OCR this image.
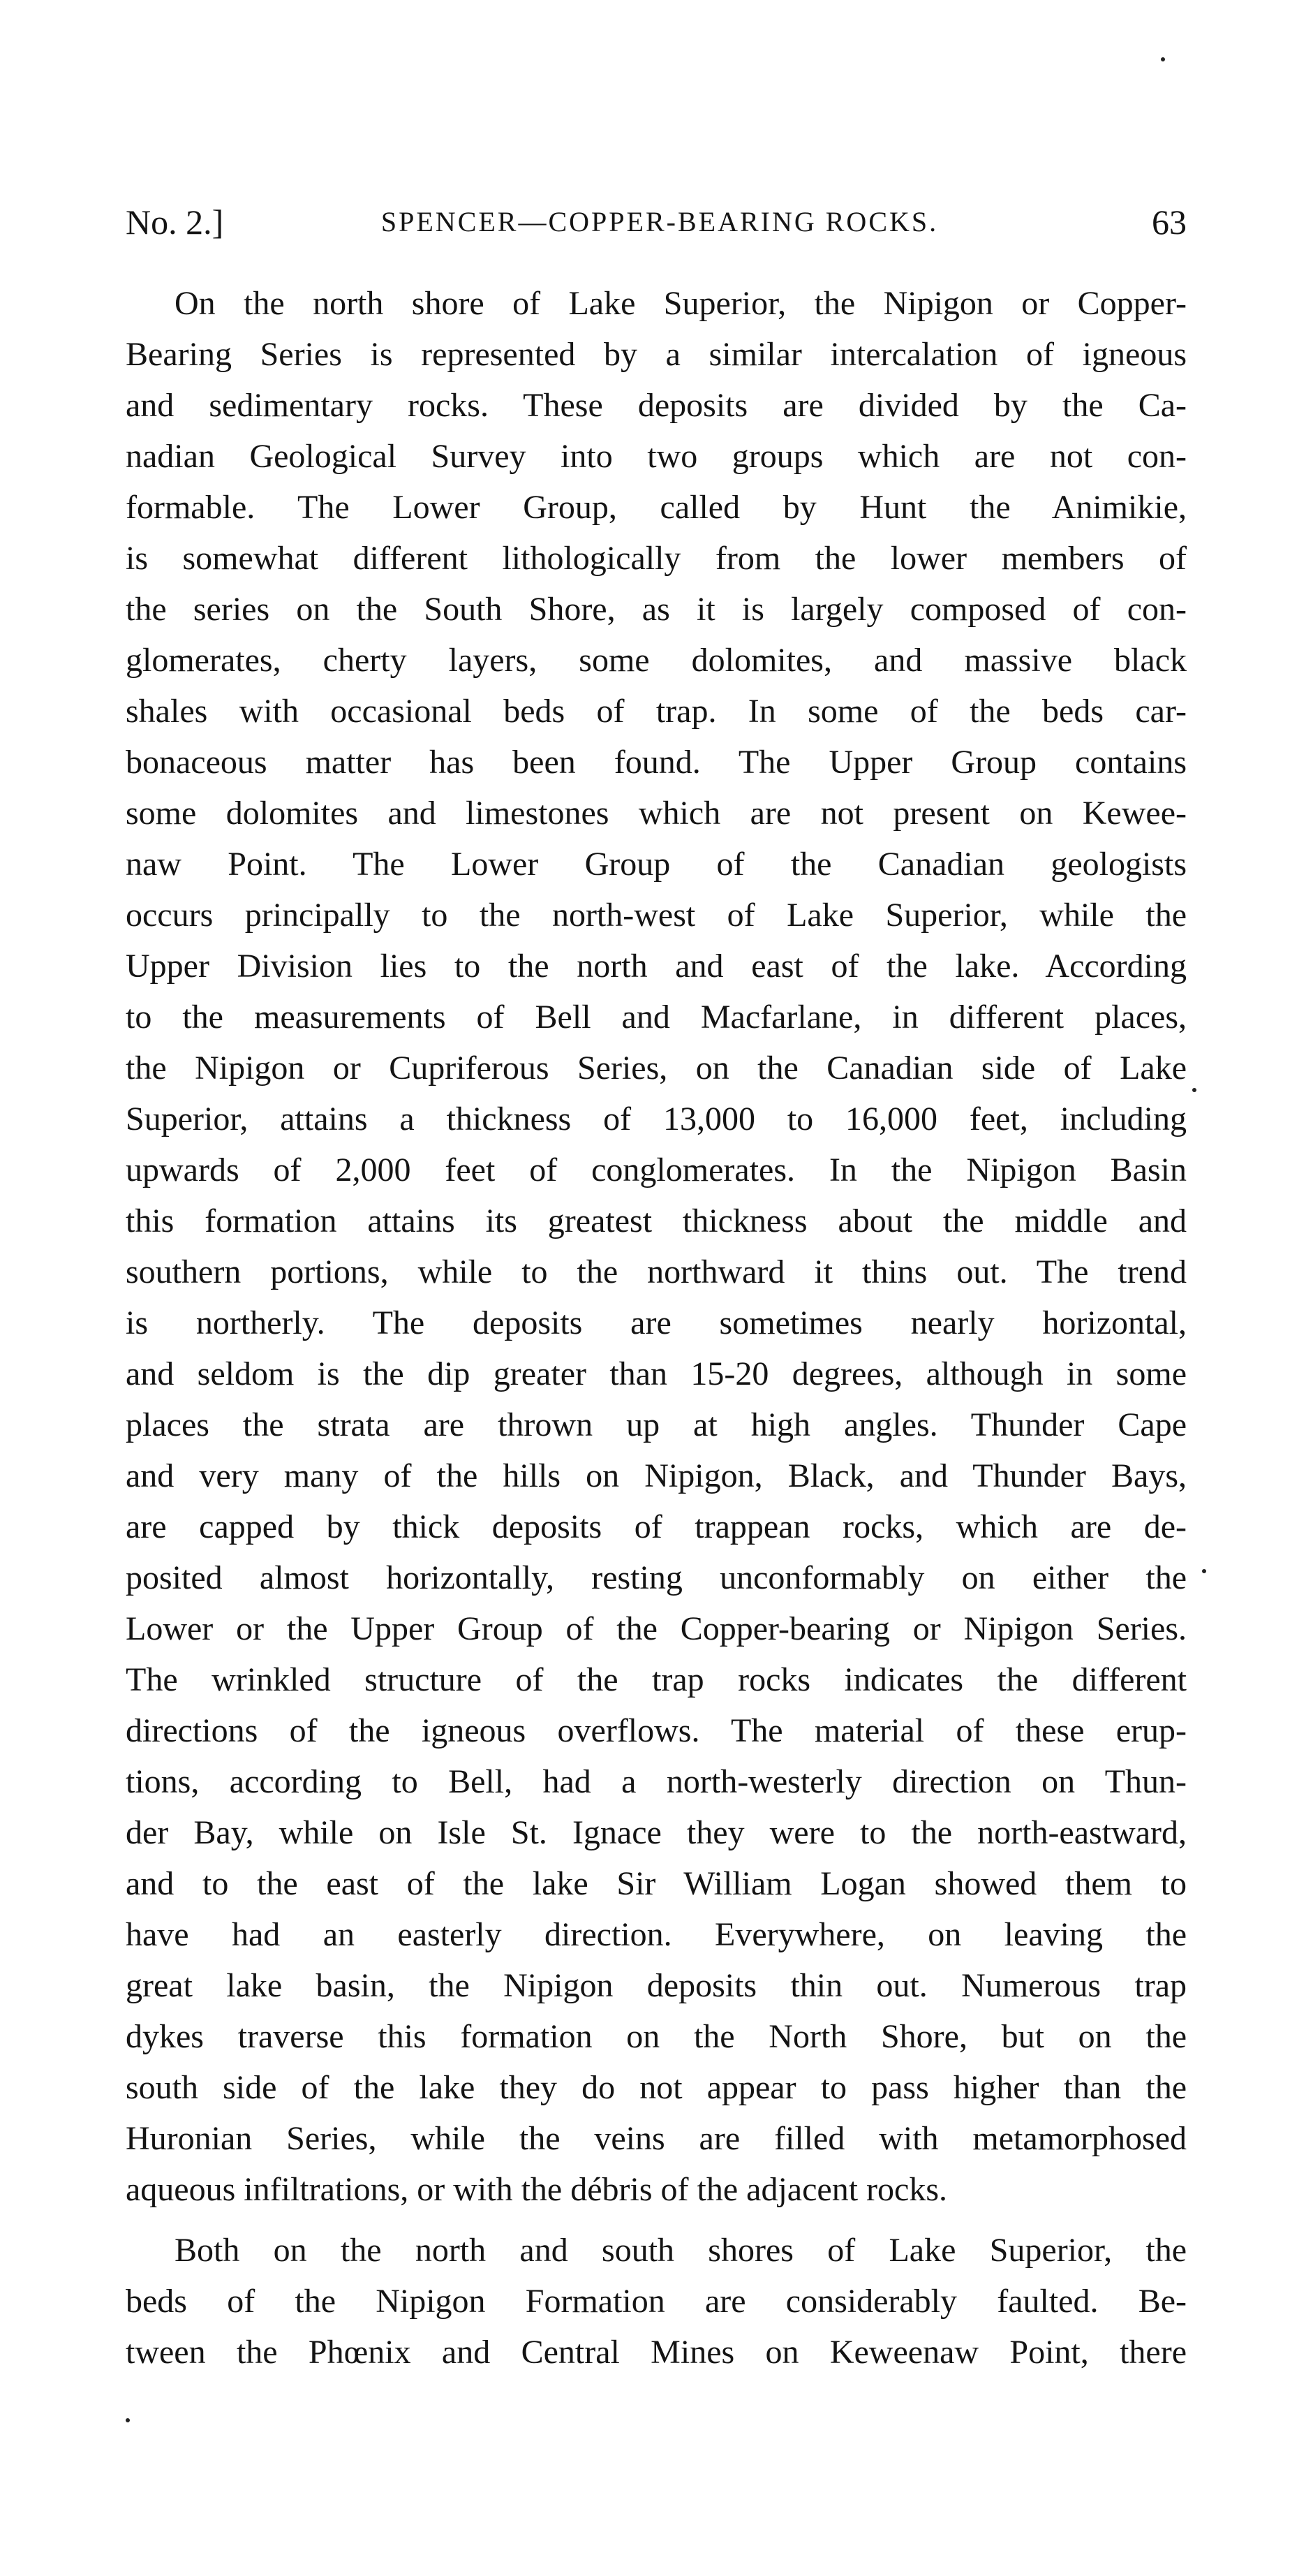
No. 2.]	SPENCER—COPPER-BEARING ROCKS.	63
On the north shore of Lake Superior, the Nipigon or Copper-
Bearing Series is represented by a similar intercalation of igneous
and sedimentary rocks. These deposits are divided by the Ca-
nadian Geological Survey into two groups which are not con-
formable. The Lower Group, called by Hunt the Animikie,
is somewhat different lithologically from the lower members of
the series on the South Shore, as it is largely composed of con-
glomerates, cherty layers, some dolomites, and massive black
shales with occasional beds of trap. In some of the beds car-
bonaceous matter has been found. The Upper Group contains
some dolomites and limestones which are not present on Kewee-
naw Point. The Lower Group of the Canadian geologists
occurs principally to the north-west of Lake Superior, while the
Upper Division lies to the north and east of the lake. According
to the measurements of Bell and Macfarlane, in different places,
the Nipigon or Cupriferous Series, on the Canadian side of Lake
Superior, attains a thickness of 13,000 to 16,000 feet, including
upwards of 2,000 feet of conglomerates. In the Nipigon Basin
this formation attains its greatest thickness about the middle and
southern portions, while to the northward it thins out. The trend
is northerly. The deposits are sometimes nearly horizontal,
and seldom is the dip greater than 15-20 degrees, although in some
places the strata are thrown up at high angles. Thunder Cape
and very many of the hills on Nipigon, Black, and Thunder Bays,
are capped by thick deposits of trappean rocks, which are de-
posited almost horizontally, resting unconformably on either the
Lower or the Upper Group of the Copper-bearing or Nipigon Series.
The wrinkled structure of the trap rocks indicates the different
directions of the igneous overflows. The material of these erup-
tions, according to Bell, had a north-westerly direction on Thun-
der Bay, while on Isle St. Ignace they were to the north-eastward,
and to the east of the lake Sir William Logan showed them to
have had an easterly direction. Everywhere, on leaving the
great lake basin, the Nipigon deposits thin out. Numerous trap
dykes traverse this formation on the North Shore, but on the
south side of the lake they do not appear to pass higher than the
Huronian Series, while the veins are filled with metamorphosed
aqueous infiltrations, or with the débris of the adjacent rocks.
Both on the north and south shores of Lake Superior, the
beds of the Nipigon Formation are considerably faulted. Be-
tween the Phœnix and Central Mines on Keweenaw Point, there
